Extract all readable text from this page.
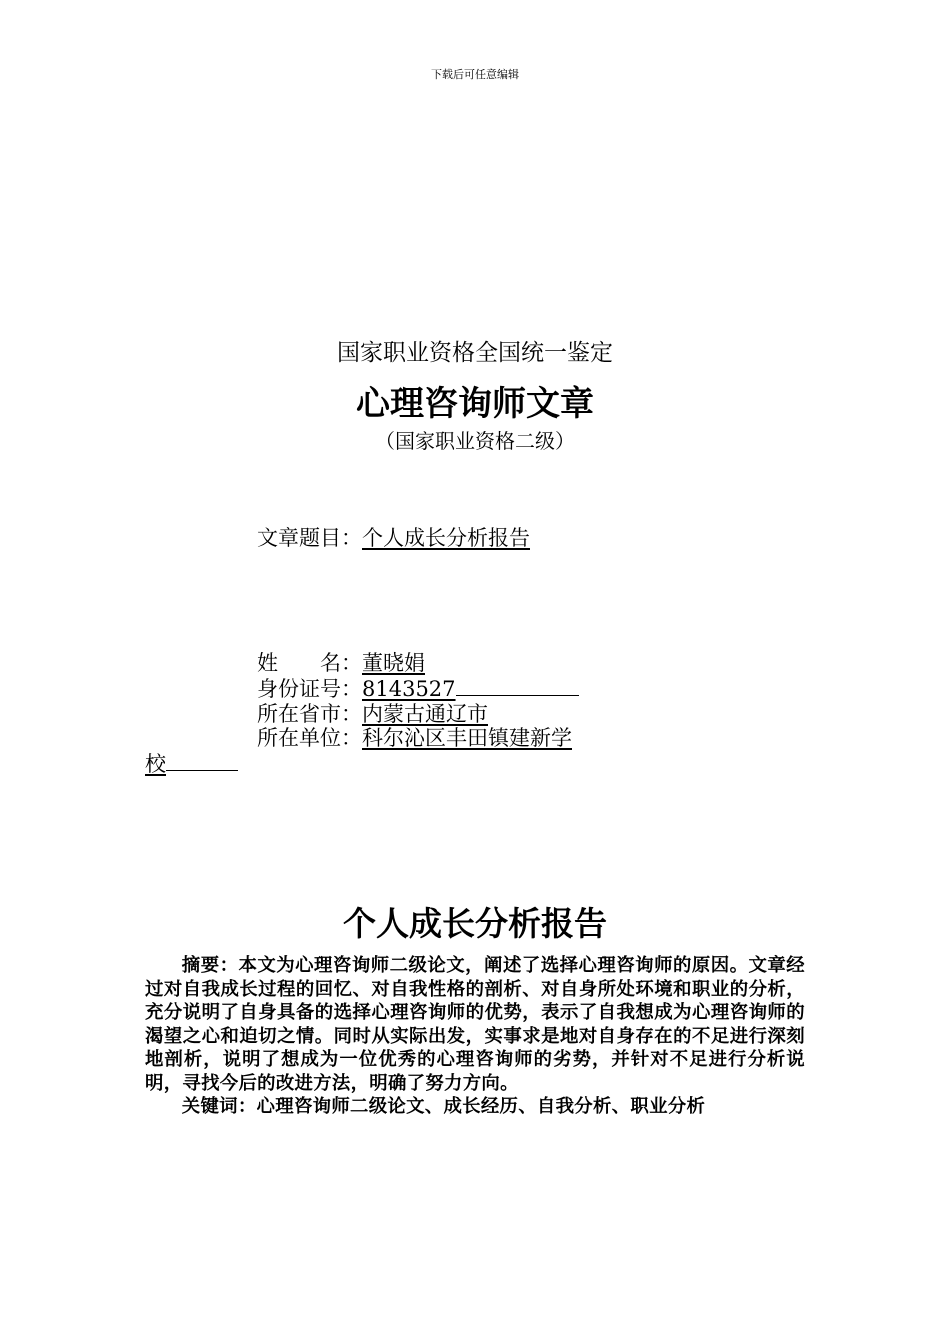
下载后可任意编辑
国家职业资格全国统一鉴定
心理咨询师文章
（国家职业资格二级）
文章题目：个人成长分析报告
姓　　名：董晓娟
身份证号：8143527
所在省市：内蒙古通辽市
所在单位：科尔沁区丰田镇建新学
校
个人成长分析报告

摘要：本文为心理咨询师二级论文，阐述了选择心理咨询师的原因。文章经过对自我成长过程的回忆、对自我性格的剖析、对自身所处环境和职业的分析，充分说明了自身具备的选择心理咨询师的优势，表示了自我想成为心理咨询师的渴望之心和迫切之情。同时从实际出发，实事求是地对自身存在的不足进行深刻地剖析，说明了想成为一位优秀的心理咨询师的劣势，并针对不足进行分析说明，寻找今后的改进方法，明确了努力方向。

关键词：心理咨询师二级论文、成长经历、自我分析、职业分析
